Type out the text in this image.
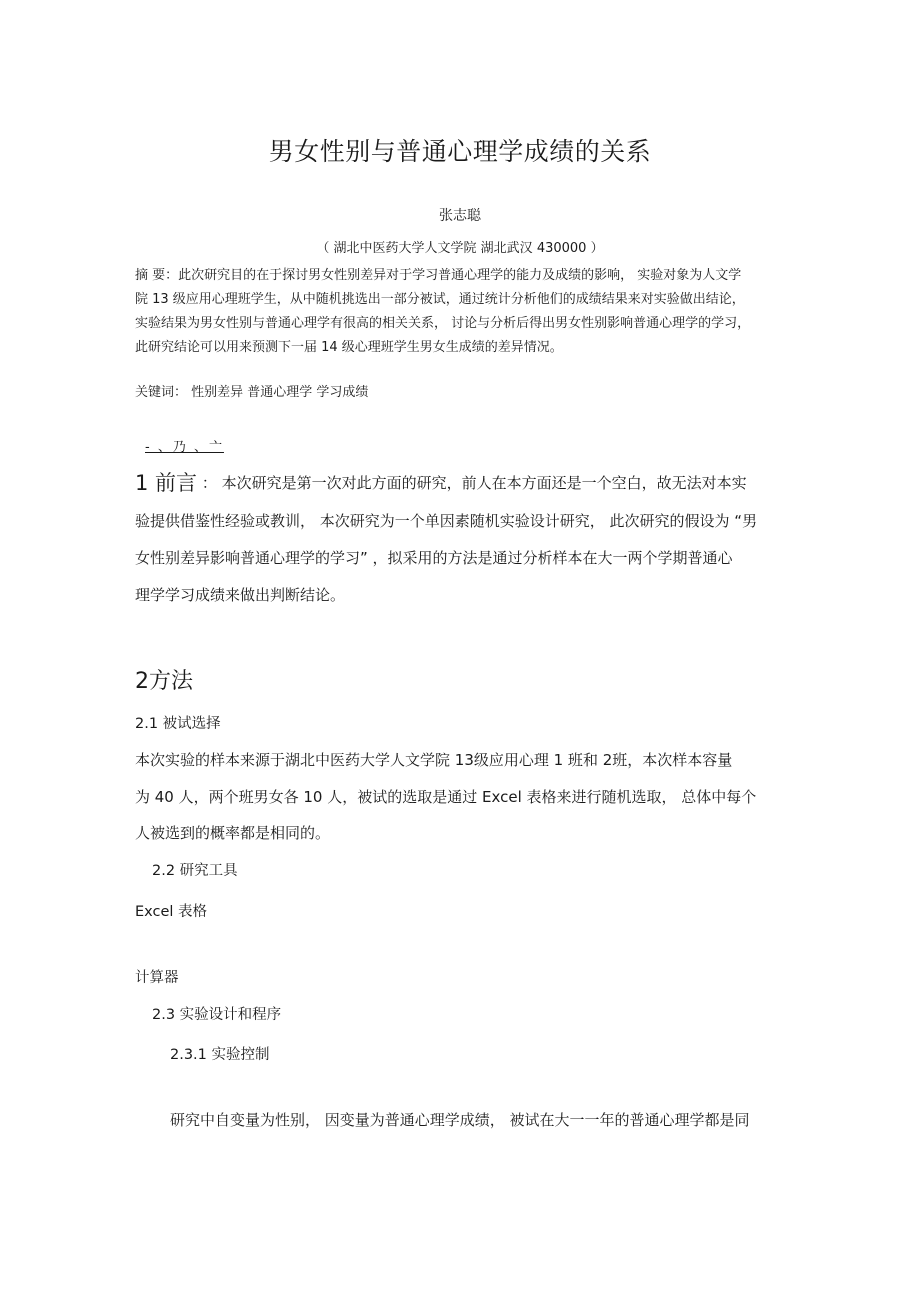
男女性别与普通心理学成绩的关系
张志聪
（ 湖北中医药大学人文学院 湖北武汉 430000 ）
摘 要：此次研究目的在于探讨男女性别差异对于学习普通心理学的能力及成绩的影响， 实验对象为人文学
院 13 级应用心理班学生，从中随机挑选出一部分被试，通过统计分析他们的成绩结果来对实验做出结论，
实验结果为男女性别与普通心理学有很高的相关关系， 讨论与分析后得出男女性别影响普通心理学的学习，
此研究结论可以用来预测下一届 14 级心理班学生男女生成绩的差异情况。
关键词： 性别差异 普通心理学 学习成绩
- 、乃 、亠
1 前言 ： 本次研究是第一次对此方面的研究，前人在本方面还是一个空白，故无法对本实
验提供借鉴性经验或教训， 本次研究为一个单因素随机实验设计研究， 此次研究的假设为 “男
女性别差异影响普通心理学的学习” ，拟采用的方法是通过分析样本在大一两个学期普通心
理学学习成绩来做出判断结论。
2方法
2.1 被试选择
本次实验的样本来源于湖北中医药大学人文学院 13级应用心理 1 班和 2班，本次样本容量
为 40 人，两个班男女各 10 人，被试的选取是通过 Excel 表格来进行随机选取， 总体中每个
人被选到的概率都是相同的。
2.2 研究工具
Excel 表格
计算器
2.3 实验设计和程序
2.3.1 实验控制
研究中自变量为性别， 因变量为普通心理学成绩， 被试在大一一年的普通心理学都是同
